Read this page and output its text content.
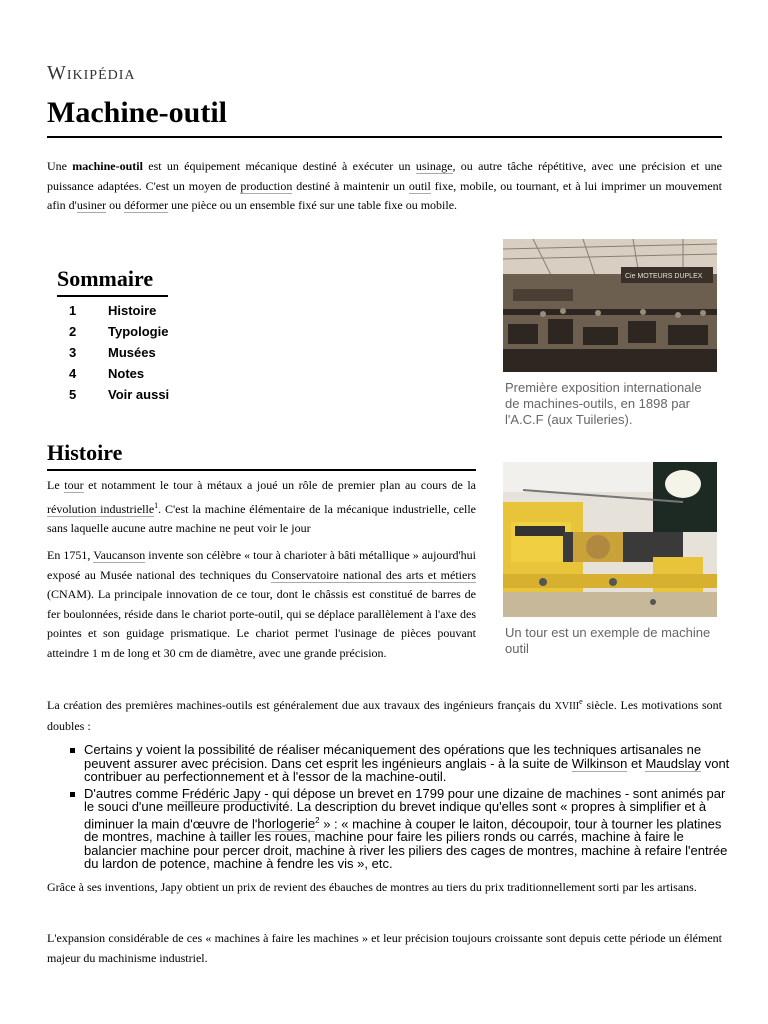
Wikipédia
Machine-outil

Une machine-outil est un équipement mécanique destiné à exécuter un usinage, ou autre tâche répétitive, avec une précision et une puissance adaptées. C'est un moyen de production destiné à maintenir un outil fixe, mobile, ou tournant, et à lui imprimer un mouvement afin d'usiner ou déformer une pièce ou un ensemble fixé sur une table fixe ou mobile.

Sommaire
1	Histoire
2	Typologie
3	Musées
4	Notes
5	Voir aussi
Cie MOTEURS DUPLEX
Première exposition internationale de machines-outils, en 1898 par l'A.C.F (aux Tuileries).
Un tour est un exemple de machine outil
Histoire

Le tour et notamment le tour à métaux a joué un rôle de premier plan au cours de la révolution industrielle$^1$. C'est la machine élémentaire de la mécanique industrielle, celle sans laquelle aucune autre machine ne peut voir le jour

En 1751, Vaucanson invente son célèbre « tour à charioter à bâti métallique » aujourd'hui exposé au Musée national des techniques du Conservatoire national des arts et métiers (CNAM). La principale innovation de ce tour, dont le châssis est constitué de barres de fer boulonnées, réside dans le chariot porte-outil, qui se déplace parallèlement à l'axe des pointes et son guidage prismatique. Le chariot permet l'usinage de pièces pouvant atteindre 1 m de long et 30 cm de diamètre, avec une grande précision.

La création des premières machines-outils est généralement due aux travaux des ingénieurs français du XVIIIe siècle. Les motivations sont doubles :

Certains y voient la possibilité de réaliser mécaniquement des opérations que les techniques artisanales ne peuvent assurer avec précision. Dans cet esprit les ingénieurs anglais - à la suite de Wilkinson et Maudslay vont contribuer au perfectionnement et à l'essor de la machine-outil.
D'autres comme Frédéric Japy - qui dépose un brevet en 1799 pour une dizaine de machines - sont animés par le souci d'une meilleure productivité. La description du brevet indique qu'elles sont « propres à simplifier et à diminuer la main d'œuvre de l'horlogerie$^2$ » : « machine à couper le laiton, découpoir, tour à tourner les platines de montres, machine à tailler les roues, machine pour faire les piliers ronds ou carrés, machine à faire le balancier machine pour percer droit, machine à river les piliers des cages de montres, machine à refaire l'entrée du lardon de potence, machine à fendre les vis », etc.

Grâce à ses inventions, Japy obtient un prix de revient des ébauches de montres au tiers du prix traditionnellement sorti par les artisans.

L'expansion considérable de ces « machines à faire les machines » et leur précision toujours croissante sont depuis cette période un élément majeur du machinisme industriel.
